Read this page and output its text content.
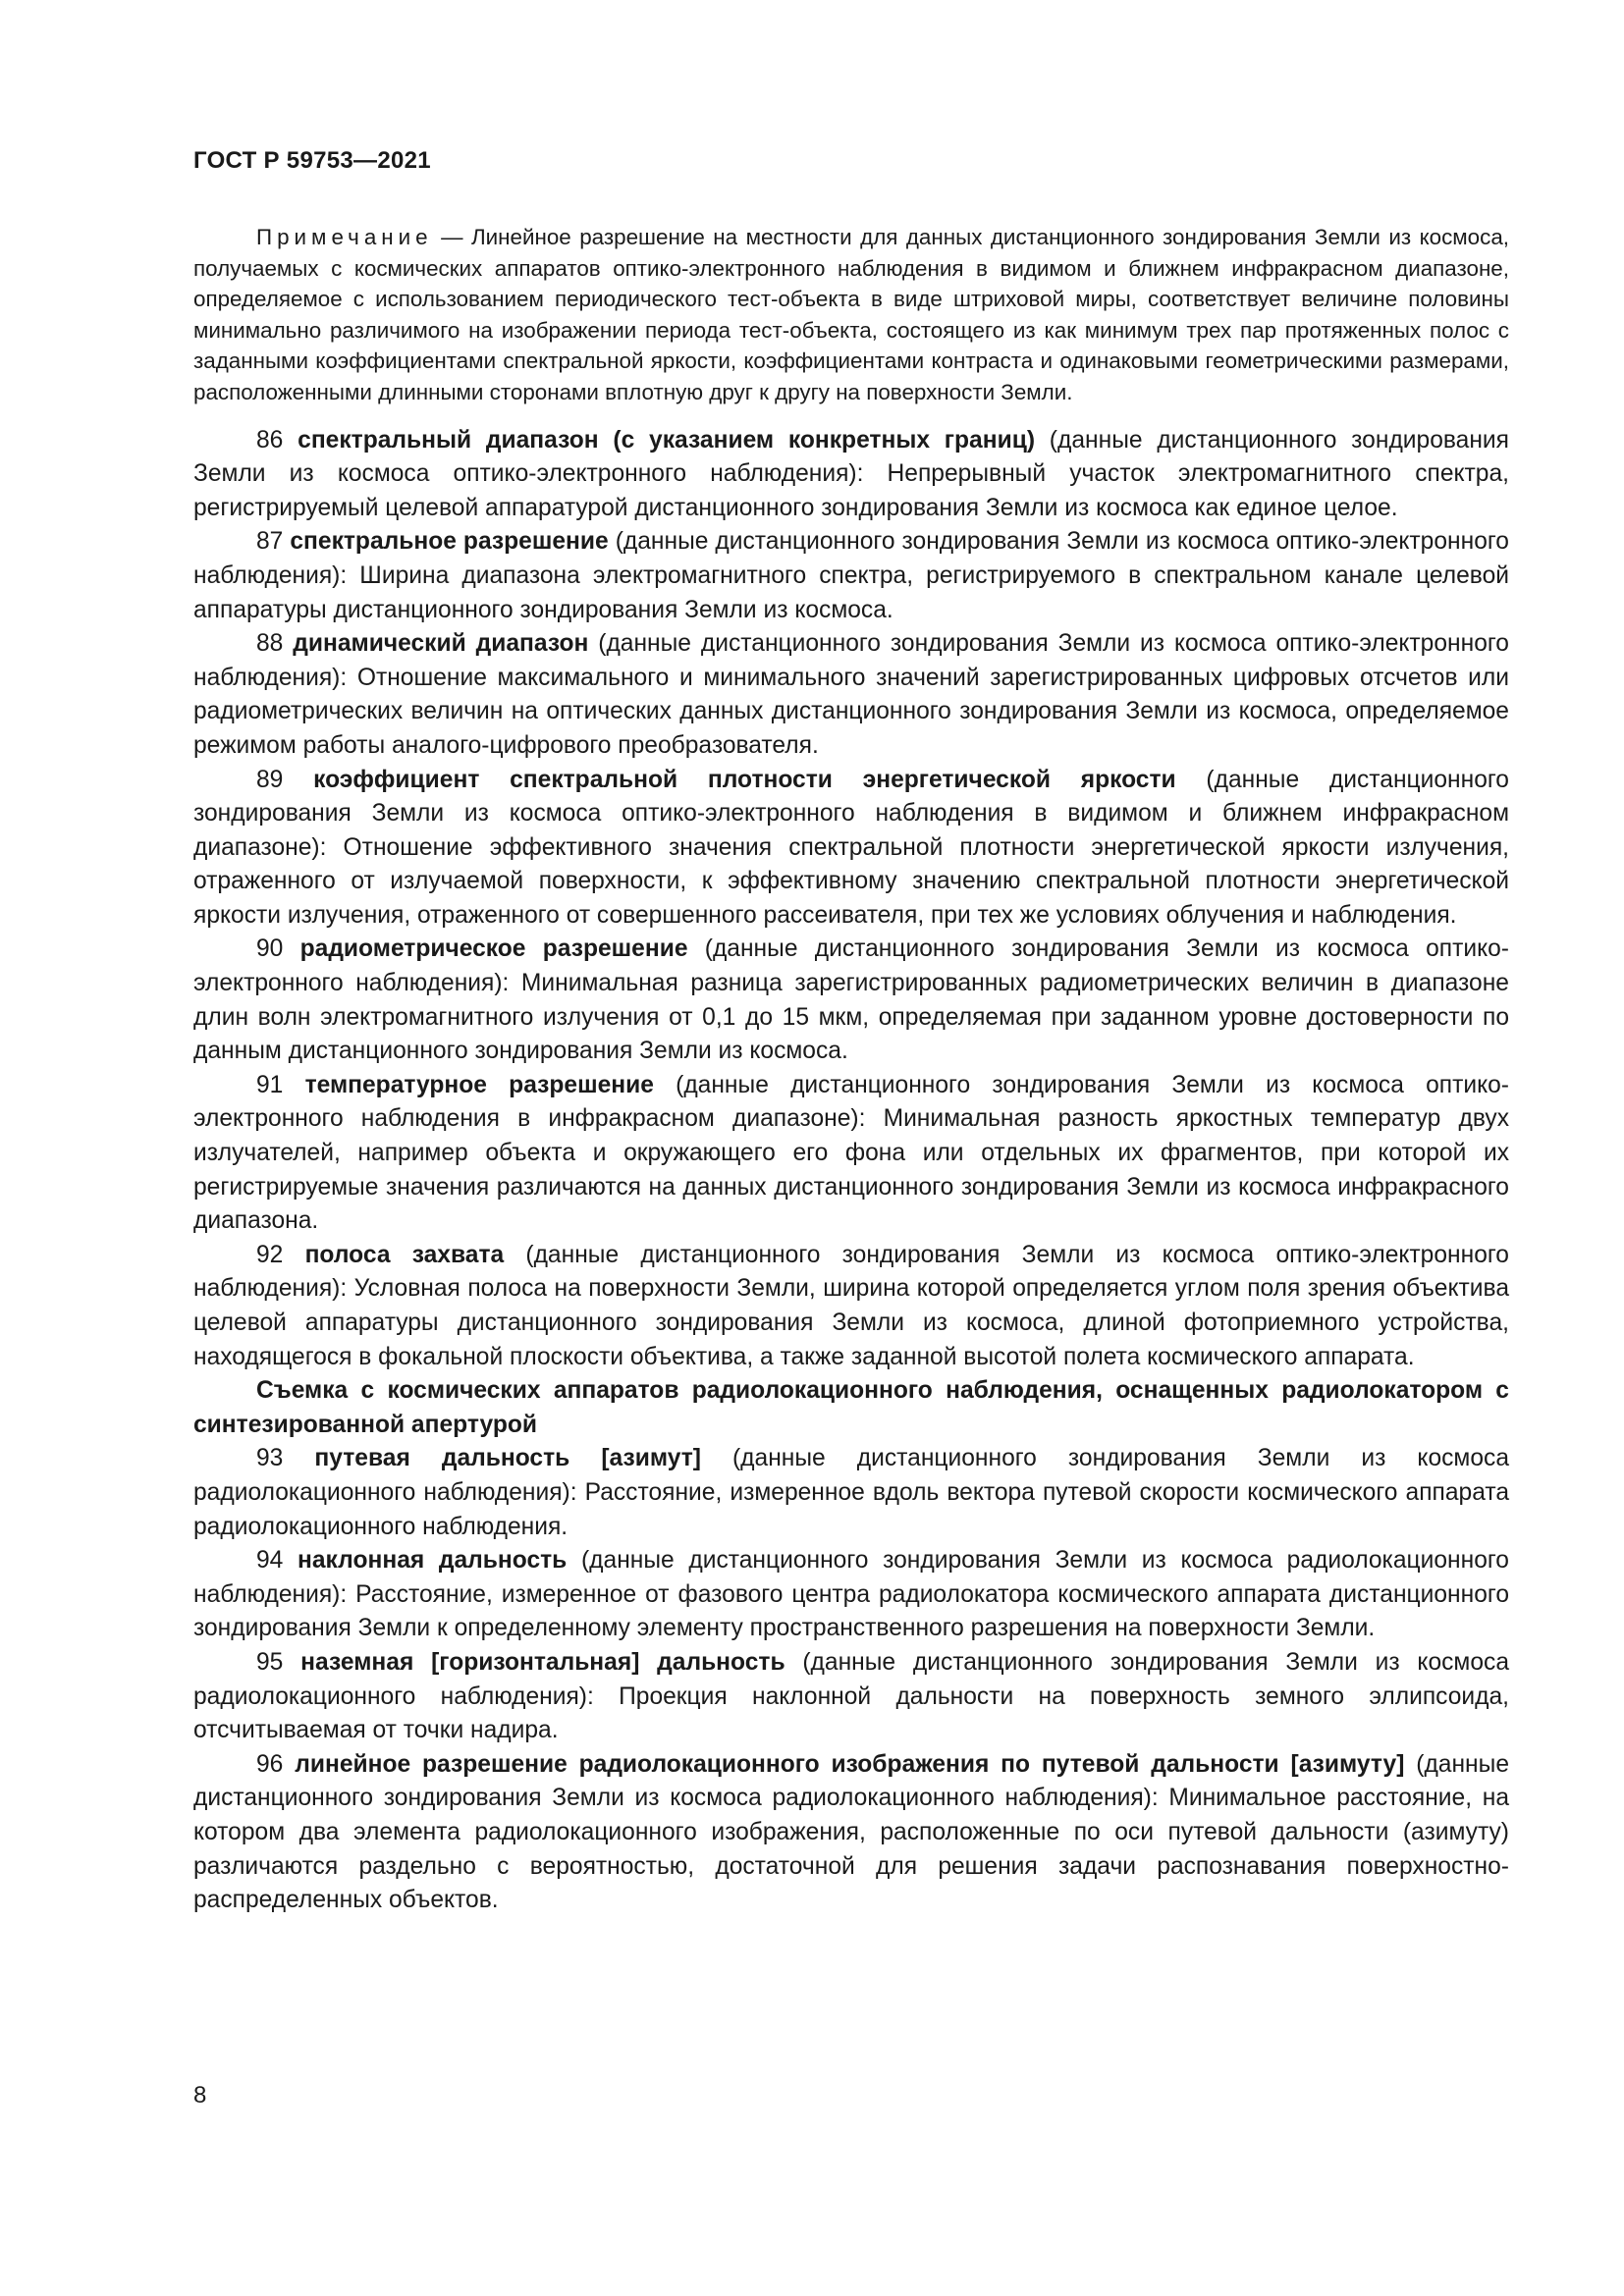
ГОСТ Р 59753—2021

Примечание — Линейное разрешение на местности для данных дистанционного зондирования Земли из космоса, получаемых с космических аппаратов оптико-электронного наблюдения в видимом и ближнем инфракрасном диапазоне, определяемое с использованием периодического тест-объекта в виде штриховой миры, соответствует величине половины минимально различимого на изображении периода тест-объекта, состоящего из как минимум трех пар протяженных полос с заданными коэффициентами спектральной яркости, коэффициентами контраста и одинаковыми геометрическими размерами, расположенными длинными сторонами вплотную друг к другу на поверхности Земли.

86 спектральный диапазон (с указанием конкретных границ) (данные дистанционного зондирования Земли из космоса оптико-электронного наблюдения): Непрерывный участок электромагнитного спектра, регистрируемый целевой аппаратурой дистанционного зондирования Земли из космоса как единое целое.

87 спектральное разрешение (данные дистанционного зондирования Земли из космоса оптико-электронного наблюдения): Ширина диапазона электромагнитного спектра, регистрируемого в спектральном канале целевой аппаратуры дистанционного зондирования Земли из космоса.

88 динамический диапазон (данные дистанционного зондирования Земли из космоса оптико-электронного наблюдения): Отношение максимального и минимального значений зарегистрированных цифровых отсчетов или радиометрических величин на оптических данных дистанционного зондирования Земли из космоса, определяемое режимом работы аналого-цифрового преобразователя.

89 коэффициент спектральной плотности энергетической яркости (данные дистанционного зондирования Земли из космоса оптико-электронного наблюдения в видимом и ближнем инфракрасном диапазоне): Отношение эффективного значения спектральной плотности энергетической яркости излучения, отраженного от излучаемой поверхности, к эффективному значению спектральной плотности энергетической яркости излучения, отраженного от совершенного рассеивателя, при тех же условиях облучения и наблюдения.

90 радиометрическое разрешение (данные дистанционного зондирования Земли из космоса оптико-электронного наблюдения): Минимальная разница зарегистрированных радиометрических величин в диапазоне длин волн электромагнитного излучения от 0,1 до 15 мкм, определяемая при заданном уровне достоверности по данным дистанционного зондирования Земли из космоса.

91 температурное разрешение (данные дистанционного зондирования Земли из космоса оптико-электронного наблюдения в инфракрасном диапазоне): Минимальная разность яркостных температур двух излучателей, например объекта и окружающего его фона или отдельных их фрагментов, при которой их регистрируемые значения различаются на данных дистанционного зондирования Земли из космоса инфракрасного диапазона.

92 полоса захвата (данные дистанционного зондирования Земли из космоса оптико-электронного наблюдения): Условная полоса на поверхности Земли, ширина которой определяется углом поля зрения объектива целевой аппаратуры дистанционного зондирования Земли из космоса, длиной фотоприемного устройства, находящегося в фокальной плоскости объектива, а также заданной высотой полета космического аппарата.

Съемка с космических аппаратов радиолокационного наблюдения, оснащенных радиолокатором с синтезированной апертурой

93 путевая дальность [азимут] (данные дистанционного зондирования Земли из космоса радиолокационного наблюдения): Расстояние, измеренное вдоль вектора путевой скорости космического аппарата радиолокационного наблюдения.

94 наклонная дальность (данные дистанционного зондирования Земли из космоса радиолокационного наблюдения): Расстояние, измеренное от фазового центра радиолокатора космического аппарата дистанционного зондирования Земли к определенному элементу пространственного разрешения на поверхности Земли.

95 наземная [горизонтальная] дальность (данные дистанционного зондирования Земли из космоса радиолокационного наблюдения): Проекция наклонной дальности на поверхность земного эллипсоида, отсчитываемая от точки надира.

96 линейное разрешение радиолокационного изображения по путевой дальности [азимуту] (данные дистанционного зондирования Земли из космоса радиолокационного наблюдения): Минимальное расстояние, на котором два элемента радиолокационного изображения, расположенные по оси путевой дальности (азимуту) различаются раздельно с вероятностью, достаточной для решения задачи распознавания поверхностно-распределенных объектов.

8
